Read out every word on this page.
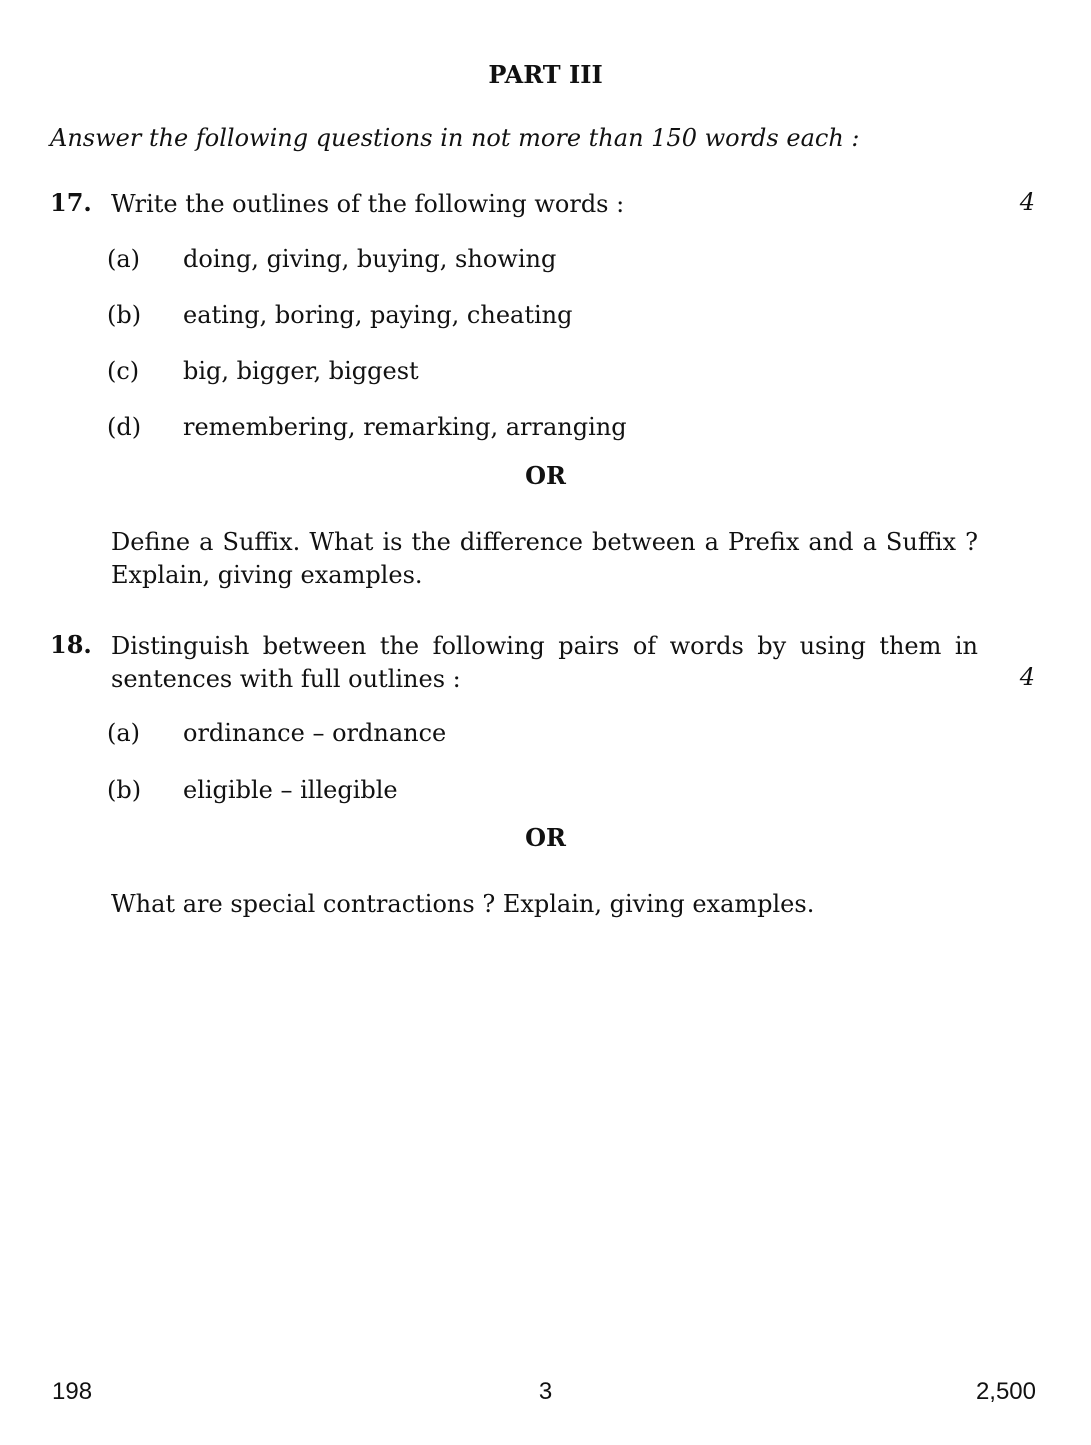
PART III
Answer the following questions in not more than 150 words each :
17. Write the outlines of the following words :	4
(a) doing, giving, buying, showing
(b) eating, boring, paying, cheating
(c) big, bigger, biggest
(d) remembering, remarking, arranging
OR
Define a Suffix. What is the difference between a Prefix and a Suffix ?
Explain, giving examples.
18. Distinguish between the following pairs of words by using them in
sentences with full outlines :	4
(a) ordinance – ordnance
(b) eligible – illegible
OR
What are special contractions ? Explain, giving examples.
198	3	2,500
